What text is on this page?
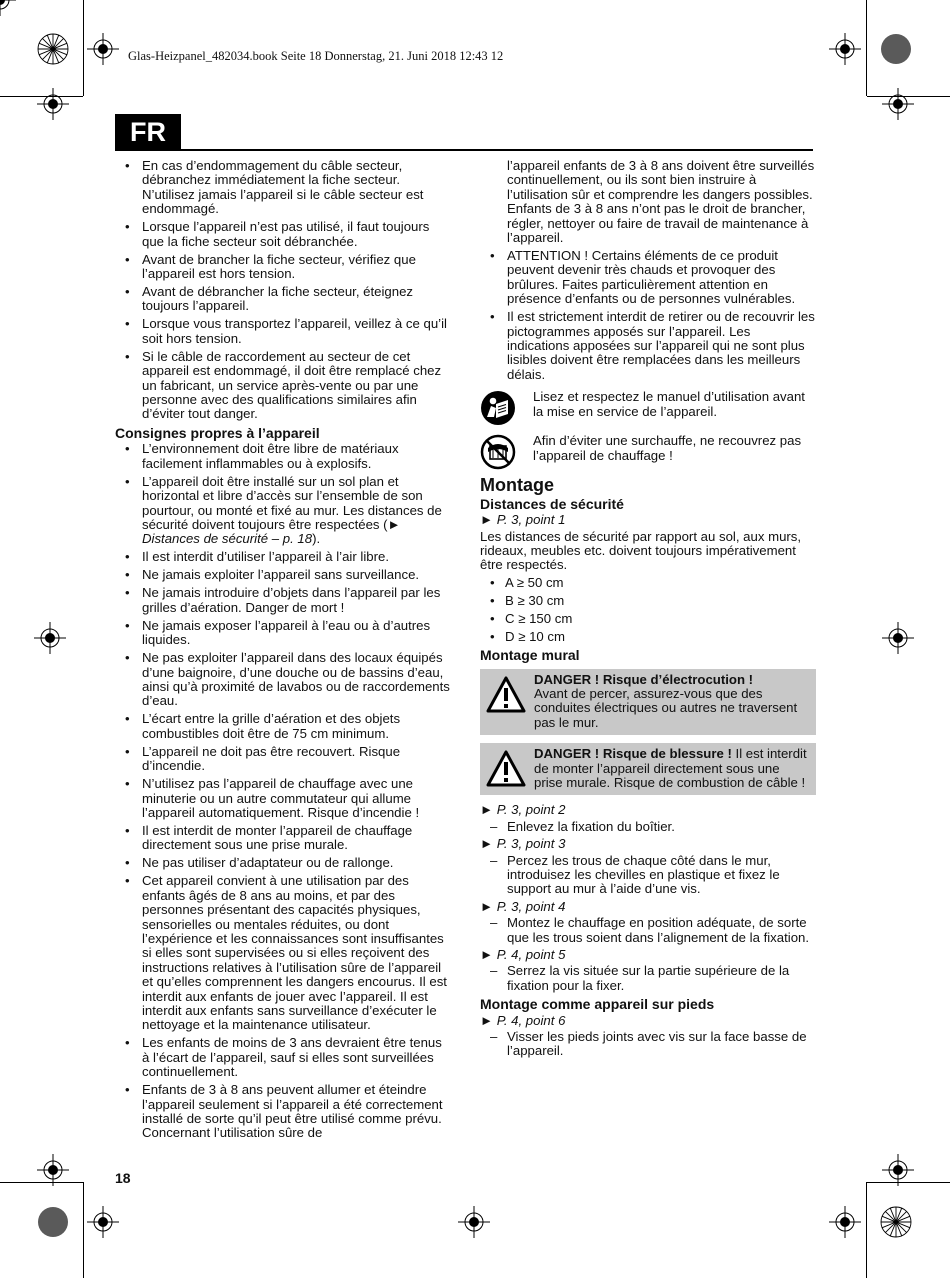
Glas-Heizpanel_482034.book Seite 18 Donnerstag, 21. Juni 2018 12:43 12
FR
• En cas d’endommagement du câble secteur, débranchez immédiatement la fiche secteur. N’utilisez jamais l’appareil si le câble secteur est endommagé.
• Lorsque l’appareil n’est pas utilisé, il faut toujours que la fiche secteur soit débranchée.
• Avant de brancher la fiche secteur, vérifiez que l’appareil est hors tension.
• Avant de débrancher la fiche secteur, éteignez toujours l’appareil.
• Lorsque vous transportez l’appareil, veillez à ce qu’il soit hors tension.
• Si le câble de raccordement au secteur de cet appareil est endommagé, il doit être remplacé chez un fabricant, un service après-vente ou par une personne avec des qualifications similaires afin d’éviter tout danger.
Consignes propres à l’appareil
• L’environnement doit être libre de matériaux facilement inflammables ou à explosifs.
• L’appareil doit être installé sur un sol plan et horizontal et libre d’accès sur l’ensemble de son pourtour, ou monté et fixé au mur. Les distances de sécurité doivent toujours être respectées (► Distances de sécurité – p. 18).
• Il est interdit d’utiliser l’appareil à l’air libre.
• Ne jamais exploiter l’appareil sans surveillance.
• Ne jamais introduire d’objets dans l’appareil par les grilles d’aération. Danger de mort !
• Ne jamais exposer l’appareil à l’eau ou à d’autres liquides.
• Ne pas exploiter l’appareil dans des locaux équipés d’une baignoire, d’une douche ou de bassins d’eau, ainsi qu’à proximité de lavabos ou de raccordements d’eau.
• L’écart entre la grille d’aération et des objets combustibles doit être de 75 cm minimum.
• L’appareil ne doit pas être recouvert. Risque d’incendie.
• N’utilisez pas l’appareil de chauffage avec une minuterie ou un autre commutateur qui allume l’appareil automatiquement. Risque d’incendie !
• Il est interdit de monter l’appareil de chauffage directement sous une prise murale.
• Ne pas utiliser d’adaptateur ou de rallonge.
• Cet appareil convient à une utilisation par des enfants âgés de 8 ans au moins, et par des personnes présentant des capacités physiques, sensorielles ou mentales réduites, ou dont l’expérience et les connaissances sont insuffisantes si elles sont supervisées ou si elles reçoivent des instructions relatives à l’utilisation sûre de l’appareil et qu’elles comprennent les dangers encourus. Il est interdit aux enfants de jouer avec l’appareil. Il est interdit aux enfants sans surveillance d’exécuter le nettoyage et la maintenance utilisateur.
• Les enfants de moins de 3 ans devraient être tenus à l’écart de l’appareil, sauf si elles sont surveillées continuellement.
• Enfants de 3 à 8 ans peuvent allumer et éteindre l’appareil seulement si l’appareil a été correctement installé de sorte qu’il peut être utilisé comme prévu. Concernant l’utilisation sûre de

l’appareil enfants de 3 à 8 ans doivent être surveillés continuellement, ou ils sont bien instruire à l’utilisation sûr et comprendre les dangers possibles. Enfants de 3 à 8 ans n’ont pas le droit de brancher, régler, nettoyer ou faire de travail de maintenance à l’appareil.

• ATTENTION ! Certains éléments de ce produit peuvent devenir très chauds et provoquer des brûlures. Faites particulièrement attention en présence d’enfants ou de personnes vulnérables.
• Il est strictement interdit de retirer ou de recouvrir les pictogrammes apposés sur l’appareil. Les indications apposées sur l’appareil qui ne sont plus lisibles doivent être remplacées dans les meilleurs délais.
Lisez et respectez le manuel d’utilisation avant la mise en service de l’appareil.
Afin d’éviter une surchauffe, ne recouvrez pas l’appareil de chauffage !
Montage
Distances de sécurité
► P. 3, point 1

Les distances de sécurité par rapport au sol, aux murs, rideaux, meubles etc. doivent toujours impérativement être respectés.

• A ≥ 50 cm
• B ≥ 30 cm
• C ≥ 150 cm
• D ≥ 10 cm
Montage mural
DANGER ! Risque d’électrocution !
Avant de percer, assurez-vous que des conduites électriques ou autres ne traversent pas le mur.
DANGER ! Risque de blessure ! Il est interdit de monter l’appareil directement sous une prise murale. Risque de combustion de câble !
► P. 3, point 2
– Enlevez la fixation du boîtier.
► P. 3, point 3
– Percez les trous de chaque côté dans le mur, introduisez les chevilles en plastique et fixez le support au mur à l’aide d’une vis.
► P. 3, point 4
– Montez le chauffage en position adéquate, de sorte que les trous soient dans l’alignement de la fixation.
► P. 4, point 5
– Serrez la vis située sur la partie supérieure de la fixation pour la fixer.
Montage comme appareil sur pieds
► P. 4, point 6
– Visser les pieds joints avec vis sur la face basse de l’appareil.
18
